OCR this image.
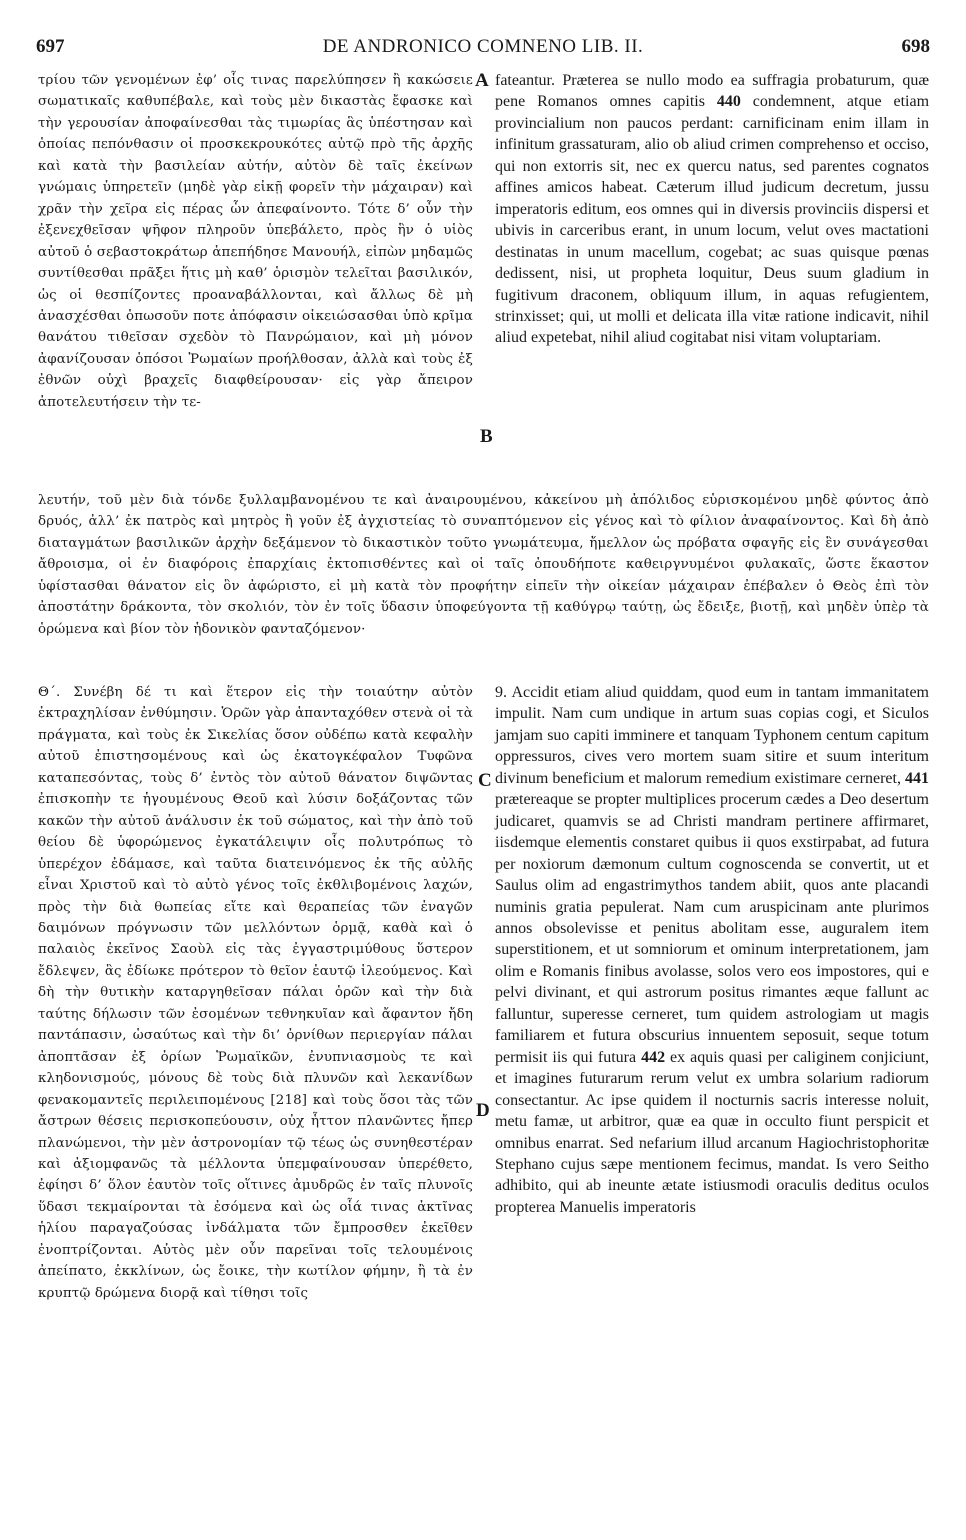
697	DE ANDRONICO COMNENO LIB. II.	698
A
B
C
D

τρίου τῶν γενομένων ἐφ’ οἷς τινας παρελύπησεν ἢ κακώσειε σωματικαῖς καθυπέβαλε, καὶ τοὺς μὲν δικαστὰς ἔφασκε καὶ τὴν γερουσίαν ἀποφαίνεσθαι τὰς τιμωρίας ἃς ὑπέστησαν καὶ ὁποίας πεπόνθασιν οἱ προσκεκρουκότες αὐτῷ πρὸ τῆς ἀρχῆς καὶ κατὰ τὴν βασιλείαν αὐτήν, αὐτὸν δὲ ταῖς ἐκείνων γνώμαις ὑπηρετεῖν (μηδὲ γὰρ εἰκῇ φορεῖν τὴν μάχαιραν) καὶ χρᾶν τὴν χεῖρα εἰς πέρας ὧν ἀπεφαίνοντο. Τότε δ’ οὖν τὴν ἐξενεχθεῖσαν ψῆφον πληροῦν ὑπεβάλετο, πρὸς ἣν ὁ υἱὸς αὐτοῦ ὁ σεβαστοκράτωρ ἀπεπήδησε Μανουήλ, εἰπὼν μηδαμῶς συντίθεσθαι πρᾶξει ἥτις μὴ καθ’ ὁρισμὸν τελεῖται βασιλικόν, ὡς οἱ θεσπίζοντες προαναβάλλονται, καὶ ἄλλως δὲ μὴ ἀνασχέσθαι ὁπωσοῦν ποτε ἀπόφασιν οἰκειώσασθαι ὑπὸ κρῖμα θανάτου τιθεῖσαν σχεδὸν τὸ Πανρώμαιον, καὶ μὴ μόνον ἀφανίζουσαν ὁπόσοι Ῥωμαίων προήλθοσαν, ἀλλὰ καὶ τοὺς ἐξ ἐθνῶν οὐχὶ βραχεῖς διαφθείρουσαν· εἰς γὰρ ἄπειρον ἀποτελευτήσειν τὴν τε-

fateantur. Præterea se nullo modo ea suffragia probaturum, quæ pene Romanos omnes capitis 440 condemnent, atque etiam provincialium non paucos perdant: carnificinam enim illam in infinitum grassaturam, alio ob aliud crimen comprehenso et occiso, qui non extorris sit, nec ex quercu natus, sed parentes cognatos affines amicos habeat. Cæterum illud judicum decretum, jussu imperatoris editum, eos omnes qui in diversis provinciis dispersi et ubivis in carceribus erant, in unum locum, velut oves mactationi destinatas in unum macellum, cogebat; ac suas quisque pœnas dedissent, nisi, ut propheta loquitur, Deus suum gladium in fugitivum draconem, obliquum illum, in aquas refugientem, strinxisset; qui, ut molli et delicata illa vitæ ratione indicavit, nihil aliud expetebat, nihil aliud cogitabat nisi vitam voluptariam.

λευτήν, τοῦ μὲν διὰ τόνδε ξυλλαμβανομένου τε καὶ ἀναιρουμένου, κἀκείνου μὴ ἀπόλιδος εὑρισκομένου μηδὲ φύντος ἀπὸ δρυός, ἀλλ’ ἐκ πατρὸς καὶ μητρὸς ἢ γοῦν ἐξ ἀγχιστείας τὸ συναπτόμενον εἰς γένος καὶ τὸ φίλιον ἀναφαίνοντος. Καὶ δὴ ἀπὸ διαταγμάτων βασιλικῶν ἀρχὴν δεξάμενον τὸ δικαστικὸν τοῦτο γνωμάτευμα, ἤμελλον ὡς πρόβατα σφαγῆς εἰς ἓν συνάγεσθαι ἄθροισμα, οἱ ἐν διαφόροις ἐπαρχίαις ἐκτοπισθέντες καὶ οἱ ταῖς ὁπουδήποτε καθειργνυμένοι φυλακαῖς, ὥστε ἕκαστον ὑφίστασθαι θάνατον εἰς ὃν ἀφώριστο, εἰ μὴ κατὰ τὸν προφήτην εἰπεῖν τὴν οἰκείαν μάχαιραν ἐπέβαλεν ὁ Θεὸς ἐπὶ τὸν ἀποστάτην δράκοντα, τὸν σκολιόν, τὸν ἐν τοῖς ὕδασιν ὑποφεύγοντα τῇ καθύγρῳ ταύτῃ, ὡς ἔδειξε, βιοτῇ, καὶ μηδὲν ὑπὲρ τὰ ὁρώμενα καὶ βίον τὸν ἡδονικὸν φανταζόμενον·

Θ΄. Συνέβη δέ τι καὶ ἕτερον εἰς τὴν τοιαύτην αὐτὸν ἐκτραχηλίσαν ἐνθύμησιν. Ὁρῶν γὰρ ἁπανταχόθεν στενὰ οἱ τὰ πράγματα, καὶ τοὺς ἐκ Σικελίας ὅσον οὐδέπω κατὰ κεφαλὴν αὐτοῦ ἐπιστησομένους καὶ ὡς ἑκατογκέφαλον Τυφῶνα καταπεσόντας, τοὺς δ’ ἐντὸς τὸν αὐτοῦ θάνατον διψῶντας ἐπισκοπὴν τε ἡγουμένους Θεοῦ καὶ λύσιν δοξάζοντας τῶν κακῶν τὴν αὐτοῦ ἀνάλυσιν ἐκ τοῦ σώματος, καὶ τὴν ἀπὸ τοῦ θείου δὲ ὑφορώμενος ἐγκατάλειψιν οἷς πολυτρόπως τὸ ὑπερέχον ἐδάμασε, καὶ ταῦτα διατεινόμενος ἐκ τῆς αὐλῆς εἶναι Χριστοῦ καὶ τὸ αὐτὸ γένος τοῖς ἐκθλιβομένοις λαχών, πρὸς τὴν διὰ θωπείας εἴτε καὶ θεραπείας τῶν ἐναγῶν δαιμόνων πρόγνωσιν τῶν μελλόντων ὁρμᾷ, καθὰ καὶ ὁ παλαιὸς ἐκεῖνος Σαοὺλ εἰς τὰς ἐγγαστριμύθους ὕστερον ἔδλεψεν, ἃς ἐδίωκε πρότερον τὸ θεῖον ἑαυτῷ ἱλεούμενος. Καὶ δὴ τὴν θυτικὴν καταργηθεῖσαν πάλαι ὁρῶν καὶ τὴν διὰ ταύτης δήλωσιν τῶν ἐσομένων τεθνηκυῖαν καὶ ἄφαντον ἤδη παντάπασιν, ὡσαύτως καὶ τὴν δι’ ὀρνίθων περιεργίαν πάλαι ἀποπτᾶσαν ἐξ ὁρίων Ῥωμαϊκῶν, ἐνυπνιασμοὺς τε καὶ κληδονισμούς, μόνους δὲ τοὺς διὰ πλυνῶν καὶ λεκανίδων φενακομαντεῖς περιλειπομένους [218] καὶ τοὺς ὅσοι τὰς τῶν ἄστρων θέσεις περισκοπεύουσιν, οὐχ ἧττον πλανῶντες ἤπερ πλανώμενοι, τὴν μὲν ἀστρονομίαν τῷ τέως ὡς συνηθεστέραν καὶ ἀξιομφανῶς τὰ μέλλοντα ὑπεμφαίνουσαν ὑπερέθετο, ἐφίησι δ’ ὅλον ἑαυτὸν τοῖς οἵτινες ἀμυδρῶς ἐν ταῖς πλυνοῖς ὕδασι τεκμαίρονται τὰ ἐσόμενα καὶ ὡς οἷά τινας ἀκτῖνας ἡλίου παραγαζούσας ἰνδάλματα τῶν ἔμπροσθεν ἐκεῖθεν ἐνοπτρίζονται. Αὐτὸς μὲν οὖν παρεῖναι τοῖς τελουμένοις ἀπείπατο, ἐκκλίνων, ὡς ἔοικε, τὴν κωτίλον φήμην, ἢ τὰ ἐν κρυπτῷ δρώμενα διορᾷ καὶ τίθησι τοῖς

9. Accidit etiam aliud quiddam, quod eum in tantam immanitatem impulit. Nam cum undique in artum suas copias cogi, et Siculos jamjam suo capiti imminere et tanquam Typhonem centum capitum oppressuros, cives vero mortem suam sitire et suum interitum divinum beneficium et malorum remedium existimare cerneret, 441 prætereaque se propter multiplices procerum cædes a Deo desertum judicaret, quamvis se ad Christi mandram pertinere affirmaret, iisdemque elementis constaret quibus ii quos exstirpabat, ad futura per noxiorum dæmonum cultum cognoscenda se convertit, ut et Saulus olim ad engastrimythos tandem abiit, quos ante placandi numinis gratia pepulerat. Nam cum aruspicinam ante plurimos annos obsolevisse et penitus abolitam esse, auguralem item superstitionem, et ut somniorum et ominum interpretationem, jam olim e Romanis finibus avolasse, solos vero eos impostores, qui e pelvi divinant, et qui astrorum positus rimantes æque fallunt ac falluntur, superesse cerneret, tum quidem astrologiam ut magis familiarem et futura obscurius innuentem seposuit, seque totum permisit iis qui futura 442 ex aquis quasi per caliginem conjiciunt, et imagines futurarum rerum velut ex umbra solarium radiorum consectantur. Ac ipse quidem il nocturnis sacris interesse noluit, metu famæ, ut arbitror, quæ ea quæ in occulto fiunt perspicit et omnibus enarrat. Sed nefarium illud arcanum Hagiochristophoritæ Stephano cujus sæpe mentionem fecimus, mandat. Is vero Seitho adhibito, qui ab ineunte ætate istiusmodi oraculis deditus oculos propterea Manuelis imperatoris
